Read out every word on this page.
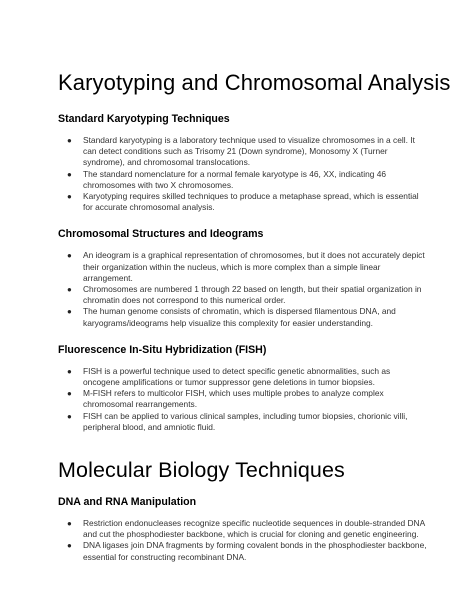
Karyotyping and Chromosomal Analysis
Standard Karyotyping Techniques
● Standard karyotyping is a laboratory technique used to visualize chromosomes in a cell. It can detect conditions such as Trisomy 21 (Down syndrome), Monosomy X (Turner syndrome), and chromosomal translocations.
● The standard nomenclature for a normal female karyotype is 46, XX, indicating 46 chromosomes with two X chromosomes.
● Karyotyping requires skilled techniques to produce a metaphase spread, which is essential for accurate chromosomal analysis.
Chromosomal Structures and Ideograms
● An ideogram is a graphical representation of chromosomes, but it does not accurately depict their organization within the nucleus, which is more complex than a simple linear arrangement.
● Chromosomes are numbered 1 through 22 based on length, but their spatial organization in chromatin does not correspond to this numerical order.
● The human genome consists of chromatin, which is dispersed filamentous DNA, and karyograms/ideograms help visualize this complexity for easier understanding.
Fluorescence In-Situ Hybridization (FISH)
● FISH is a powerful technique used to detect specific genetic abnormalities, such as oncogene amplifications or tumor suppressor gene deletions in tumor biopsies.
● M-FISH refers to multicolor FISH, which uses multiple probes to analyze complex chromosomal rearrangements.
● FISH can be applied to various clinical samples, including tumor biopsies, chorionic villi, peripheral blood, and amniotic fluid.
Molecular Biology Techniques
DNA and RNA Manipulation
● Restriction endonucleases recognize specific nucleotide sequences in double-stranded DNA and cut the phosphodiester backbone, which is crucial for cloning and genetic engineering.
● DNA ligases join DNA fragments by forming covalent bonds in the phosphodiester backbone, essential for constructing recombinant DNA.
